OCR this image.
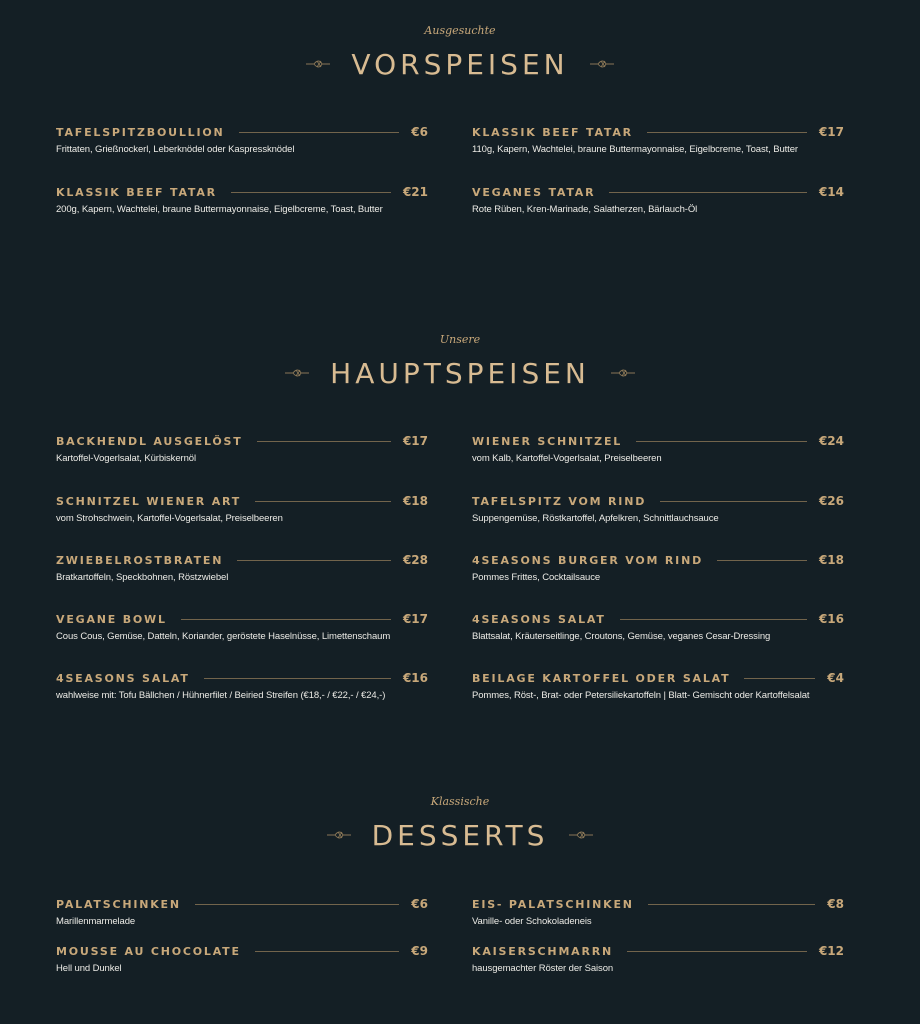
Ausgesuchte
VORSPEISEN
TAFELSPITZBOULLION	€6
Frittaten, Grießnockerl, Leberknödel oder Kaspressknödel
KLASSIK BEEF TATAR	€17
110g, Kapern, Wachtelei, braune Buttermayonnaise, Eigelbcreme, Toast, Butter
KLASSIK BEEF TATAR	€21
200g, Kapern, Wachtelei, braune Buttermayonnaise, Eigelbcreme, Toast, Butter
VEGANES TATAR	€14
Rote Rüben, Kren-Marinade, Salatherzen, Bärlauch-Öl
Unsere
HAUPTSPEISEN
BACKHENDL AUSGELÖST	€17
Kartoffel-Vogerlsalat, Kürbiskernöl
WIENER SCHNITZEL	€24
vom Kalb, Kartoffel-Vogerlsalat, Preiselbeeren
SCHNITZEL WIENER ART	€18
vom Strohschwein, Kartoffel-Vogerlsalat, Preiselbeeren
TAFELSPITZ VOM RIND	€26
Suppengemüse, Röstkartoffel, Apfelkren, Schnittlauchsauce
ZWIEBELROSTBRATEN	€28
Bratkartoffeln, Speckbohnen, Röstzwiebel
4SEASONS BURGER VOM RIND	€18
Pommes Frittes, Cocktailsauce
VEGANE BOWL	€17
Cous Cous, Gemüse, Datteln, Koriander, geröstete Haselnüsse, Limettenschaum
4SEASONS SALAT	€16
Blattsalat, Kräuterseitlinge, Croutons, Gemüse, veganes Cesar-Dressing
4SEASONS SALAT	€16
wahlweise mit: Tofu Bällchen / Hühnerfilet / Beiried Streifen (€18,- / €22,- / €24,-)
BEILAGE KARTOFFEL ODER SALAT	€4
Pommes, Röst-, Brat- oder Petersiliekartoffeln | Blatt- Gemischt oder Kartoffelsalat
Klassische
DESSERTS
PALATSCHINKEN	€6
Marillenmarmelade
EIS- PALATSCHINKEN	€8
Vanille- oder Schokoladeneis
MOUSSE AU CHOCOLATE	€9
Hell und Dunkel
KAISERSCHMARRN	€12
hausgemachter Röster der Saison
